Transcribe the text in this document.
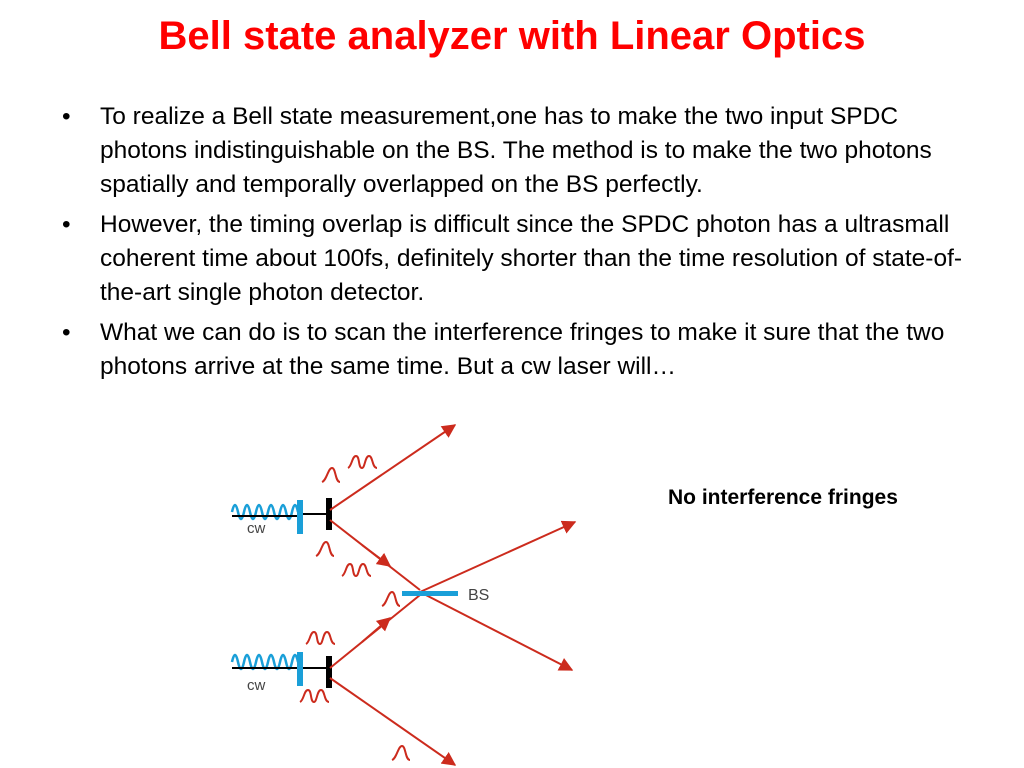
Bell state analyzer with Linear Optics
• To realize a Bell state measurement,one has to make the two input SPDC photons indistinguishable on the BS. The method is to make the two photons spatially and temporally overlapped on the BS perfectly.
• However, the timing overlap is difficult since the SPDC photon has a ultrasmall coherent time about 100fs, definitely shorter than the time resolution of state-of-the-art single photon detector.
• What we can do is to scan the interference fringes to make it sure that the two photons arrive at the same time. But a cw laser will…
No interference fringes
cw
cw
BS
